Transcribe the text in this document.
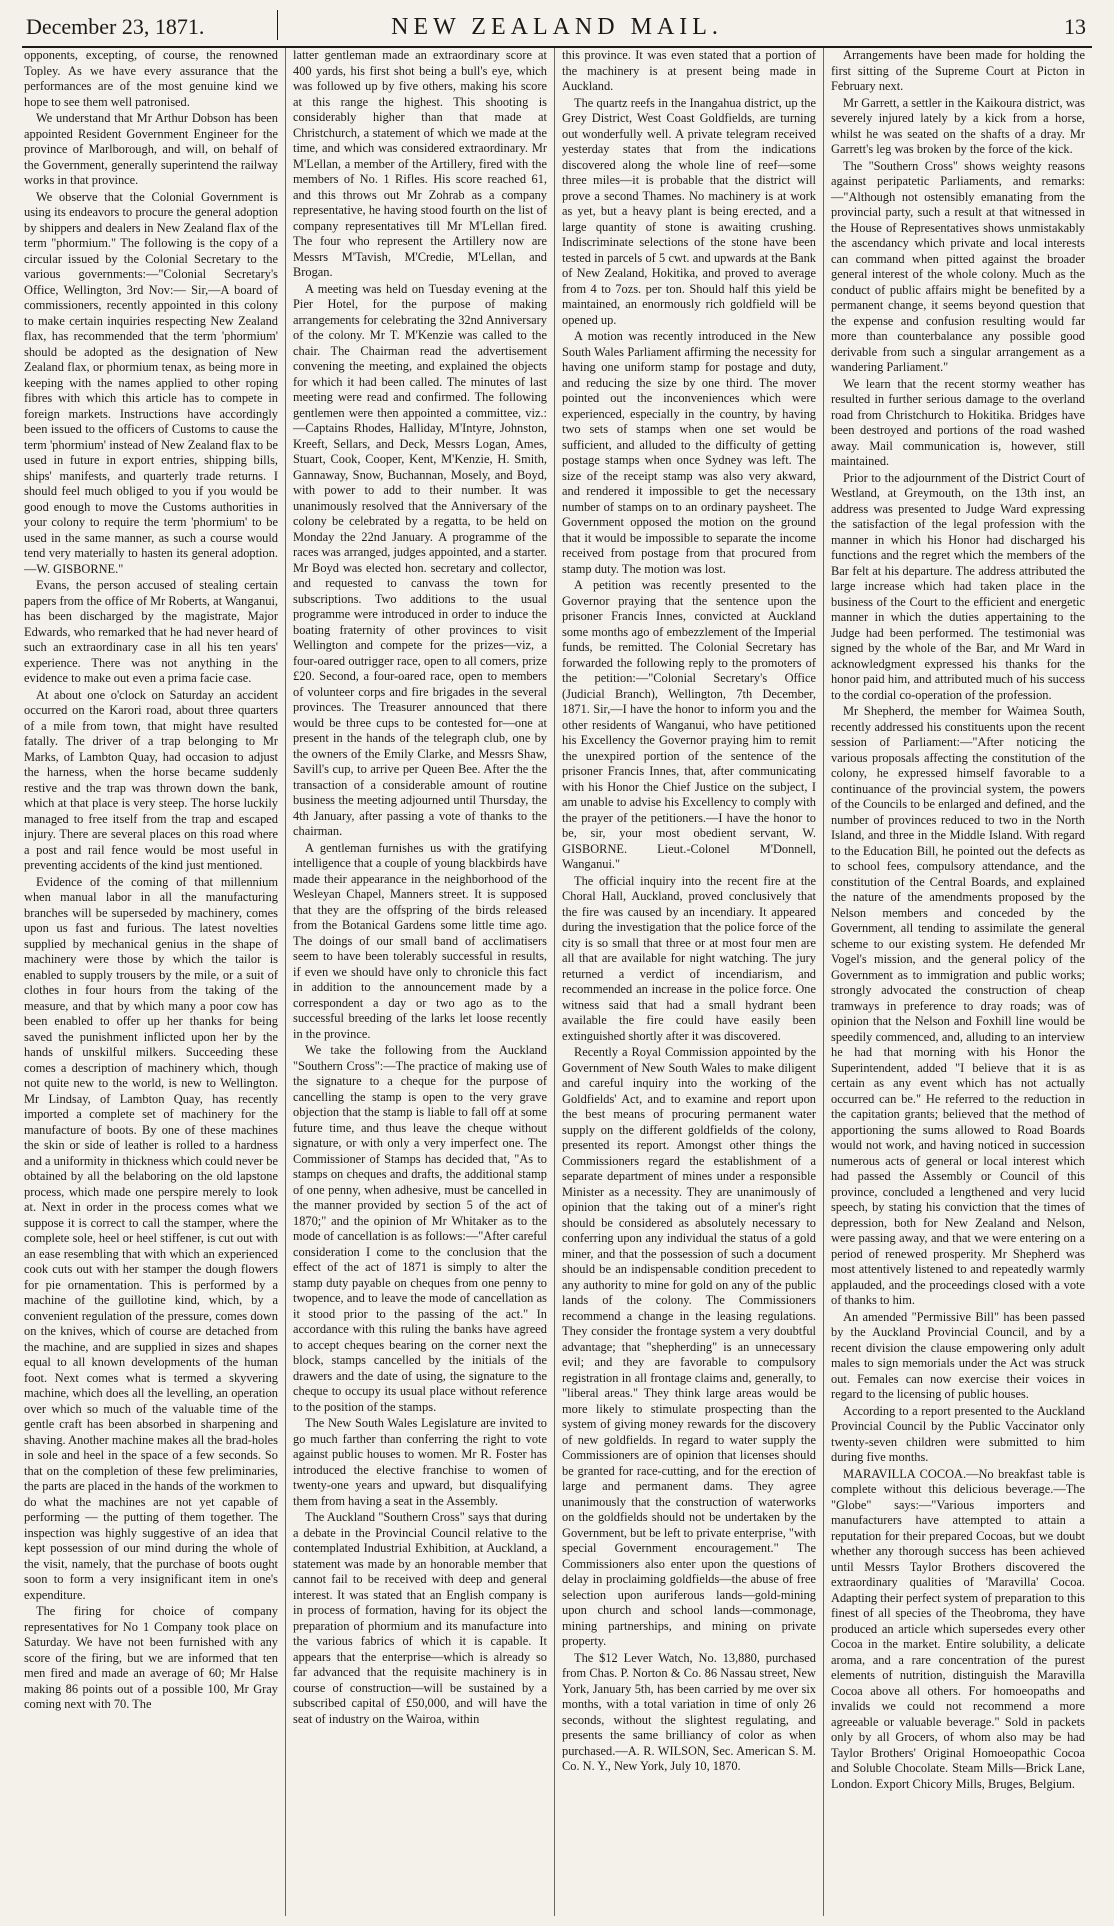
December 23, 1871.	NEW ZEALAND MAIL.	13

opponents, excepting, of course, the renowned Topley. As we have every assurance that the performances are of the most genuine kind we hope to see them well patronised.

We understand that Mr Arthur Dobson has been appointed Resident Government Engineer for the province of Marlborough, and will, on behalf of the Government, generally superintend the railway works in that province.

We observe that the Colonial Government is using its endeavors to procure the general adoption by shippers and dealers in New Zealand flax of the term "phormium." The following is the copy of a circular issued by the Colonial Secretary to the various governments:—"Colonial Secretary's Office, Wellington, 3rd Nov:— Sir,—A board of commissioners, recently appointed in this colony to make certain inquiries respecting New Zealand flax, has recommended that the term 'phormium' should be adopted as the designation of New Zealand flax, or phormium tenax, as being more in keeping with the names applied to other roping fibres with which this article has to compete in foreign markets. Instructions have accordingly been issued to the officers of Customs to cause the term 'phormium' instead of New Zealand flax to be used in future in export entries, shipping bills, ships' manifests, and quarterly trade returns. I should feel much obliged to you if you would be good enough to move the Customs authorities in your colony to require the term 'phormium' to be used in the same manner, as such a course would tend very materially to hasten its general adoption.—W. GISBORNE."

Evans, the person accused of stealing certain papers from the office of Mr Roberts, at Wanganui, has been discharged by the magistrate, Major Edwards, who remarked that he had never heard of such an extraordinary case in all his ten years' experience. There was not anything in the evidence to make out even a prima facie case.

At about one o'clock on Saturday an accident occurred on the Karori road, about three quarters of a mile from town, that might have resulted fatally. The driver of a trap belonging to Mr Marks, of Lambton Quay, had occasion to adjust the harness, when the horse became suddenly restive and the trap was thrown down the bank, which at that place is very steep. The horse luckily managed to free itself from the trap and escaped injury. There are several places on this road where a post and rail fence would be most useful in preventing accidents of the kind just mentioned.

Evidence of the coming of that millennium when manual labor in all the manufacturing branches will be superseded by machinery, comes upon us fast and furious. The latest novelties supplied by mechanical genius in the shape of machinery were those by which the tailor is enabled to supply trousers by the mile, or a suit of clothes in four hours from the taking of the measure, and that by which many a poor cow has been enabled to offer up her thanks for being saved the punishment inflicted upon her by the hands of unskilful milkers. Succeeding these comes a description of machinery which, though not quite new to the world, is new to Wellington. Mr Lindsay, of Lambton Quay, has recently imported a complete set of machinery for the manufacture of boots. By one of these machines the skin or side of leather is rolled to a hardness and a uniformity in thickness which could never be obtained by all the belaboring on the old lapstone process, which made one perspire merely to look at. Next in order in the process comes what we suppose it is correct to call the stamper, where the complete sole, heel or heel stiffener, is cut out with an ease resembling that with which an experienced cook cuts out with her stamper the dough flowers for pie ornamentation. This is performed by a machine of the guillotine kind, which, by a convenient regulation of the pressure, comes down on the knives, which of course are detached from the machine, and are supplied in sizes and shapes equal to all known developments of the human foot. Next comes what is termed a skyvering machine, which does all the levelling, an operation over which so much of the valuable time of the gentle craft has been absorbed in sharpening and shaving. Another machine makes all the brad-holes in sole and heel in the space of a few seconds. So that on the completion of these few preliminaries, the parts are placed in the hands of the workmen to do what the machines are not yet capable of performing — the putting of them together. The inspection was highly suggestive of an idea that kept possession of our mind during the whole of the visit, namely, that the purchase of boots ought soon to form a very insignificant item in one's expenditure.

The firing for choice of company representatives for No 1 Company took place on Saturday. We have not been furnished with any score of the firing, but we are informed that ten men fired and made an average of 60; Mr Halse making 86 points out of a possible 100, Mr Gray coming next with 70. The

latter gentleman made an extraordinary score at 400 yards, his first shot being a bull's eye, which was followed up by five others, making his score at this range the highest. This shooting is considerably higher than that made at Christchurch, a statement of which we made at the time, and which was considered extraordinary. Mr M'Lellan, a member of the Artillery, fired with the members of No. 1 Rifles. His score reached 61, and this throws out Mr Zohrab as a company representative, he having stood fourth on the list of company representatives till Mr M'Lellan fired. The four who represent the Artillery now are Messrs M'Tavish, M'Credie, M'Lellan, and Brogan.

A meeting was held on Tuesday evening at the Pier Hotel, for the purpose of making arrangements for celebrating the 32nd Anniversary of the colony. Mr T. M'Kenzie was called to the chair. The Chairman read the advertisement convening the meeting, and explained the objects for which it had been called. The minutes of last meeting were read and confirmed. The following gentlemen were then appointed a committee, viz.:—Captains Rhodes, Halliday, M'Intyre, Johnston, Kreeft, Sellars, and Deck, Messrs Logan, Ames, Stuart, Cook, Cooper, Kent, M'Kenzie, H. Smith, Gannaway, Snow, Buchannan, Mosely, and Boyd, with power to add to their number. It was unanimously resolved that the Anniversary of the colony be celebrated by a regatta, to be held on Monday the 22nd January. A programme of the races was arranged, judges appointed, and a starter. Mr Boyd was elected hon. secretary and collector, and requested to canvass the town for subscriptions. Two additions to the usual programme were introduced in order to induce the boating fraternity of other provinces to visit Wellington and compete for the prizes—viz, a four-oared outrigger race, open to all comers, prize £20. Second, a four-oared race, open to members of volunteer corps and fire brigades in the several provinces. The Treasurer announced that there would be three cups to be contested for—one at present in the hands of the telegraph club, one by the owners of the Emily Clarke, and Messrs Shaw, Savill's cup, to arrive per Queen Bee. After the the transaction of a considerable amount of routine business the meeting adjourned until Thursday, the 4th January, after passing a vote of thanks to the chairman.

A gentleman furnishes us with the gratifying intelligence that a couple of young blackbirds have made their appearance in the neighborhood of the Wesleyan Chapel, Manners street. It is supposed that they are the offspring of the birds released from the Botanical Gardens some little time ago. The doings of our small band of acclimatisers seem to have been tolerably successful in results, if even we should have only to chronicle this fact in addition to the announcement made by a correspondent a day or two ago as to the successful breeding of the larks let loose recently in the province.

We take the following from the Auckland "Southern Cross":—The practice of making use of the signature to a cheque for the purpose of cancelling the stamp is open to the very grave objection that the stamp is liable to fall off at some future time, and thus leave the cheque without signature, or with only a very imperfect one. The Commissioner of Stamps has decided that, "As to stamps on cheques and drafts, the additional stamp of one penny, when adhesive, must be cancelled in the manner provided by section 5 of the act of 1870;" and the opinion of Mr Whitaker as to the mode of cancellation is as follows:—"After careful consideration I come to the conclusion that the effect of the act of 1871 is simply to alter the stamp duty payable on cheques from one penny to twopence, and to leave the mode of cancellation as it stood prior to the passing of the act." In accordance with this ruling the banks have agreed to accept cheques bearing on the corner next the block, stamps cancelled by the initials of the drawers and the date of using, the signature to the cheque to occupy its usual place without reference to the position of the stamps.

The New South Wales Legislature are invited to go much farther than conferring the right to vote against public houses to women. Mr R. Foster has introduced the elective franchise to women of twenty-one years and upward, but disqualifying them from having a seat in the Assembly.

The Auckland "Southern Cross" says that during a debate in the Provincial Council relative to the contemplated Industrial Exhibition, at Auckland, a statement was made by an honorable member that cannot fail to be received with deep and general interest. It was stated that an English company is in process of formation, having for its object the preparation of phormium and its manufacture into the various fabrics of which it is capable. It appears that the enterprise—which is already so far advanced that the requisite machinery is in course of construction—will be sustained by a subscribed capital of £50,000, and will have the seat of industry on the Wairoa, within

this province. It was even stated that a portion of the machinery is at present being made in Auckland.

The quartz reefs in the Inangahua district, up the Grey District, West Coast Goldfields, are turning out wonderfully well. A private telegram received yesterday states that from the indications discovered along the whole line of reef—some three miles—it is probable that the district will prove a second Thames. No machinery is at work as yet, but a heavy plant is being erected, and a large quantity of stone is awaiting crushing. Indiscriminate selections of the stone have been tested in parcels of 5 cwt. and upwards at the Bank of New Zealand, Hokitika, and proved to average from 4 to 7ozs. per ton. Should half this yield be maintained, an enormously rich goldfield will be opened up.

A motion was recently introduced in the New South Wales Parliament affirming the necessity for having one uniform stamp for postage and duty, and reducing the size by one third. The mover pointed out the inconveniences which were experienced, especially in the country, by having two sets of stamps when one set would be sufficient, and alluded to the difficulty of getting postage stamps when once Sydney was left. The size of the receipt stamp was also very akward, and rendered it impossible to get the necessary number of stamps on to an ordinary paysheet. The Government opposed the motion on the ground that it would be impossible to separate the income received from postage from that procured from stamp duty. The motion was lost.

A petition was recently presented to the Governor praying that the sentence upon the prisoner Francis Innes, convicted at Auckland some months ago of embezzlement of the Imperial funds, be remitted. The Colonial Secretary has forwarded the following reply to the promoters of the petition:—"Colonial Secretary's Office (Judicial Branch), Wellington, 7th December, 1871. Sir,—I have the honor to inform you and the other residents of Wanganui, who have petitioned his Excellency the Governor praying him to remit the unexpired portion of the sentence of the prisoner Francis Innes, that, after communicating with his Honor the Chief Justice on the subject, I am unable to advise his Excellency to comply with the prayer of the petitioners.—I have the honor to be, sir, your most obedient servant, W. GISBORNE. Lieut.-Colonel M'Donnell, Wanganui."

The official inquiry into the recent fire at the Choral Hall, Auckland, proved conclusively that the fire was caused by an incendiary. It appeared during the investigation that the police force of the city is so small that three or at most four men are all that are available for night watching. The jury returned a verdict of incendiarism, and recommended an increase in the police force. One witness said that had a small hydrant been available the fire could have easily been extinguished shortly after it was discovered.

Recently a Royal Commission appointed by the Government of New South Wales to make diligent and careful inquiry into the working of the Goldfields' Act, and to examine and report upon the best means of procuring permanent water supply on the different goldfields of the colony, presented its report. Amongst other things the Commissioners regard the establishment of a separate department of mines under a responsible Minister as a necessity. They are unanimously of opinion that the taking out of a miner's right should be considered as absolutely necessary to conferring upon any individual the status of a gold miner, and that the possession of such a document should be an indispensable condition precedent to any authority to mine for gold on any of the public lands of the colony. The Commissioners recommend a change in the leasing regulations. They consider the frontage system a very doubtful advantage; that "shepherding" is an unnecessary evil; and they are favorable to compulsory registration in all frontage claims and, generally, to "liberal areas." They think large areas would be more likely to stimulate prospecting than the system of giving money rewards for the discovery of new goldfields. In regard to water supply the Commissioners are of opinion that licenses should be granted for race-cutting, and for the erection of large and permanent dams. They agree unanimously that the construction of waterworks on the goldfields should not be undertaken by the Government, but be left to private enterprise, "with special Government encouragement." The Commissioners also enter upon the questions of delay in proclaiming goldfields—the abuse of free selection upon auriferous lands—gold-mining upon church and school lands—commonage, mining partnerships, and mining on private property.

The $12 Lever Watch, No. 13,880, purchased from Chas. P. Norton & Co. 86 Nassau street, New York, January 5th, has been carried by me over six months, with a total variation in time of only 26 seconds, without the slightest regulating, and presents the same brilliancy of color as when purchased.—A. R. WILSON, Sec. American S. M. Co. N. Y., New York, July 10, 1870.

Arrangements have been made for holding the first sitting of the Supreme Court at Picton in February next.

Mr Garrett, a settler in the Kaikoura district, was severely injured lately by a kick from a horse, whilst he was seated on the shafts of a dray. Mr Garrett's leg was broken by the force of the kick.

The "Southern Cross" shows weighty reasons against peripatetic Parliaments, and remarks:—"Although not ostensibly emanating from the provincial party, such a result at that witnessed in the House of Representatives shows unmistakably the ascendancy which private and local interests can command when pitted against the broader general interest of the whole colony. Much as the conduct of public affairs might be benefited by a permanent change, it seems beyond question that the expense and confusion resulting would far more than counterbalance any possible good derivable from such a singular arrangement as a wandering Parliament."

We learn that the recent stormy weather has resulted in further serious damage to the overland road from Christchurch to Hokitika. Bridges have been destroyed and portions of the road washed away. Mail communication is, however, still maintained.

Prior to the adjournment of the District Court of Westland, at Greymouth, on the 13th inst, an address was presented to Judge Ward expressing the satisfaction of the legal profession with the manner in which his Honor had discharged his functions and the regret which the members of the Bar felt at his departure. The address attributed the large increase which had taken place in the business of the Court to the efficient and energetic manner in which the duties appertaining to the Judge had been performed. The testimonial was signed by the whole of the Bar, and Mr Ward in acknowledgment expressed his thanks for the honor paid him, and attributed much of his success to the cordial co-operation of the profession.

Mr Shepherd, the member for Waimea South, recently addressed his constituents upon the recent session of Parliament:—"After noticing the various proposals affecting the constitution of the colony, he expressed himself favorable to a continuance of the provincial system, the powers of the Councils to be enlarged and defined, and the number of provinces reduced to two in the North Island, and three in the Middle Island. With regard to the Education Bill, he pointed out the defects as to school fees, compulsory attendance, and the constitution of the Central Boards, and explained the nature of the amendments proposed by the Nelson members and conceded by the Government, all tending to assimilate the general scheme to our existing system. He defended Mr Vogel's mission, and the general policy of the Government as to immigration and public works; strongly advocated the construction of cheap tramways in preference to dray roads; was of opinion that the Nelson and Foxhill line would be speedily commenced, and, alluding to an interview he had that morning with his Honor the Superintendent, added "I believe that it is as certain as any event which has not actually occurred can be." He referred to the reduction in the capitation grants; believed that the method of apportioning the sums allowed to Road Boards would not work, and having noticed in succession numerous acts of general or local interest which had passed the Assembly or Council of this province, concluded a lengthened and very lucid speech, by stating his conviction that the times of depression, both for New Zealand and Nelson, were passing away, and that we were entering on a period of renewed prosperity. Mr Shepherd was most attentively listened to and repeatedly warmly applauded, and the proceedings closed with a vote of thanks to him.

An amended "Permissive Bill" has been passed by the Auckland Provincial Council, and by a recent division the clause empowering only adult males to sign memorials under the Act was struck out. Females can now exercise their voices in regard to the licensing of public houses.

According to a report presented to the Auckland Provincial Council by the Public Vaccinator only twenty-seven children were submitted to him during five months.

MARAVILLA COCOA.—No breakfast table is complete without this delicious beverage.—The "Globe" says:—"Various importers and manufacturers have attempted to attain a reputation for their prepared Cocoas, but we doubt whether any thorough success has been achieved until Messrs Taylor Brothers discovered the extraordinary qualities of 'Maravilla' Cocoa. Adapting their perfect system of preparation to this finest of all species of the Theobroma, they have produced an article which supersedes every other Cocoa in the market. Entire solubility, a delicate aroma, and a rare concentration of the purest elements of nutrition, distinguish the Maravilla Cocoa above all others. For homoeopaths and invalids we could not recommend a more agreeable or valuable beverage." Sold in packets only by all Grocers, of whom also may be had Taylor Brothers' Original Homoeopathic Cocoa and Soluble Chocolate. Steam Mills—Brick Lane, London. Export Chicory Mills, Bruges, Belgium.
